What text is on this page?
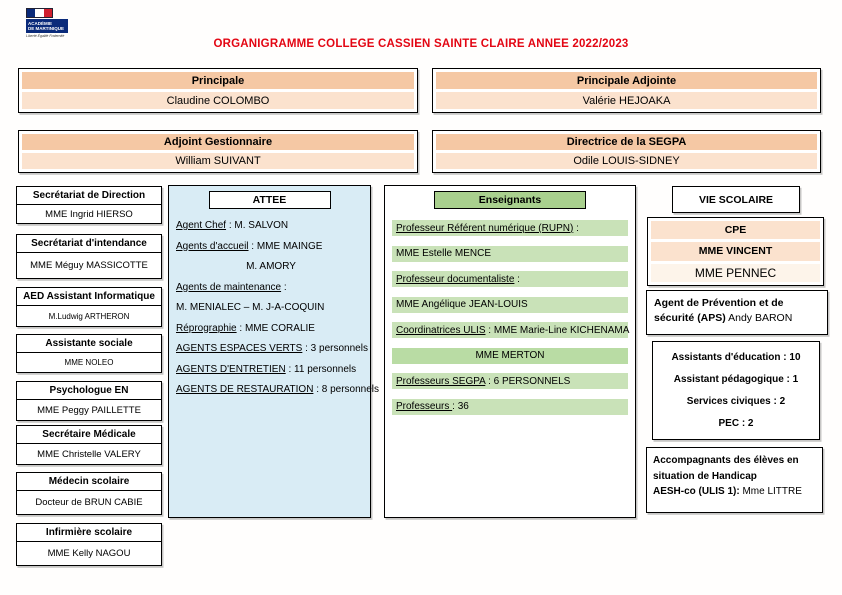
ACADÉMIE
DE MARTINIQUE
Liberté Égalité Fraternité
ORGANIGRAMME COLLEGE CASSIEN SAINTE CLAIRE ANNEE 2022/2023
Principale
Claudine COLOMBO
Principale Adjointe
Valérie HEJOAKA
Adjoint Gestionnaire
William SUIVANT
Directrice de la SEGPA
Odile LOUIS-SIDNEY
Secrétariat de Direction
MME Ingrid HIERSO
Secrétariat d'intendance
MME Méguy MASSICOTTE
AED Assistant Informatique
M.Ludwig ARTHERON
Assistante sociale
MME NOLEO
Psychologue EN
MME Peggy PAILLETTE
Secrétaire Médicale
MME Christelle VALERY
Médecin scolaire
Docteur de BRUN CABIE
Infirmière scolaire
MME Kelly NAGOU
ATTEE
Agent Chef : M. SALVON
Agents d'accueil : MME MAINGE
M. AMORY
Agents de maintenance :
M. MENIALEC – M. J-A-COQUIN
Réprographie : MME CORALIE
AGENTS ESPACES VERTS : 3 personnels
AGENTS D'ENTRETIEN : 11 personnels
AGENTS DE RESTAURATION : 8 personnels
Enseignants
Professeur Référent numérique (RUPN) :
MME Estelle MENCE
Professeur documentaliste :
MME Angélique JEAN-LOUIS
Coordinatrices ULIS : MME Marie-Line KICHENAMA
MME MERTON
Professeurs SEGPA : 6 PERSONNELS
Professeurs : 36
VIE SCOLAIRE
CPE
MME VINCENT
MME PENNEC
Agent de Prévention et de sécurité (APS) Andy BARON
Assistants d'éducation : 10
Assistant pédagogique : 1
Services civiques : 2
PEC : 2
Accompagnants des élèves en situation de Handicap
AESH-co (ULIS 1): Mme LITTRE
